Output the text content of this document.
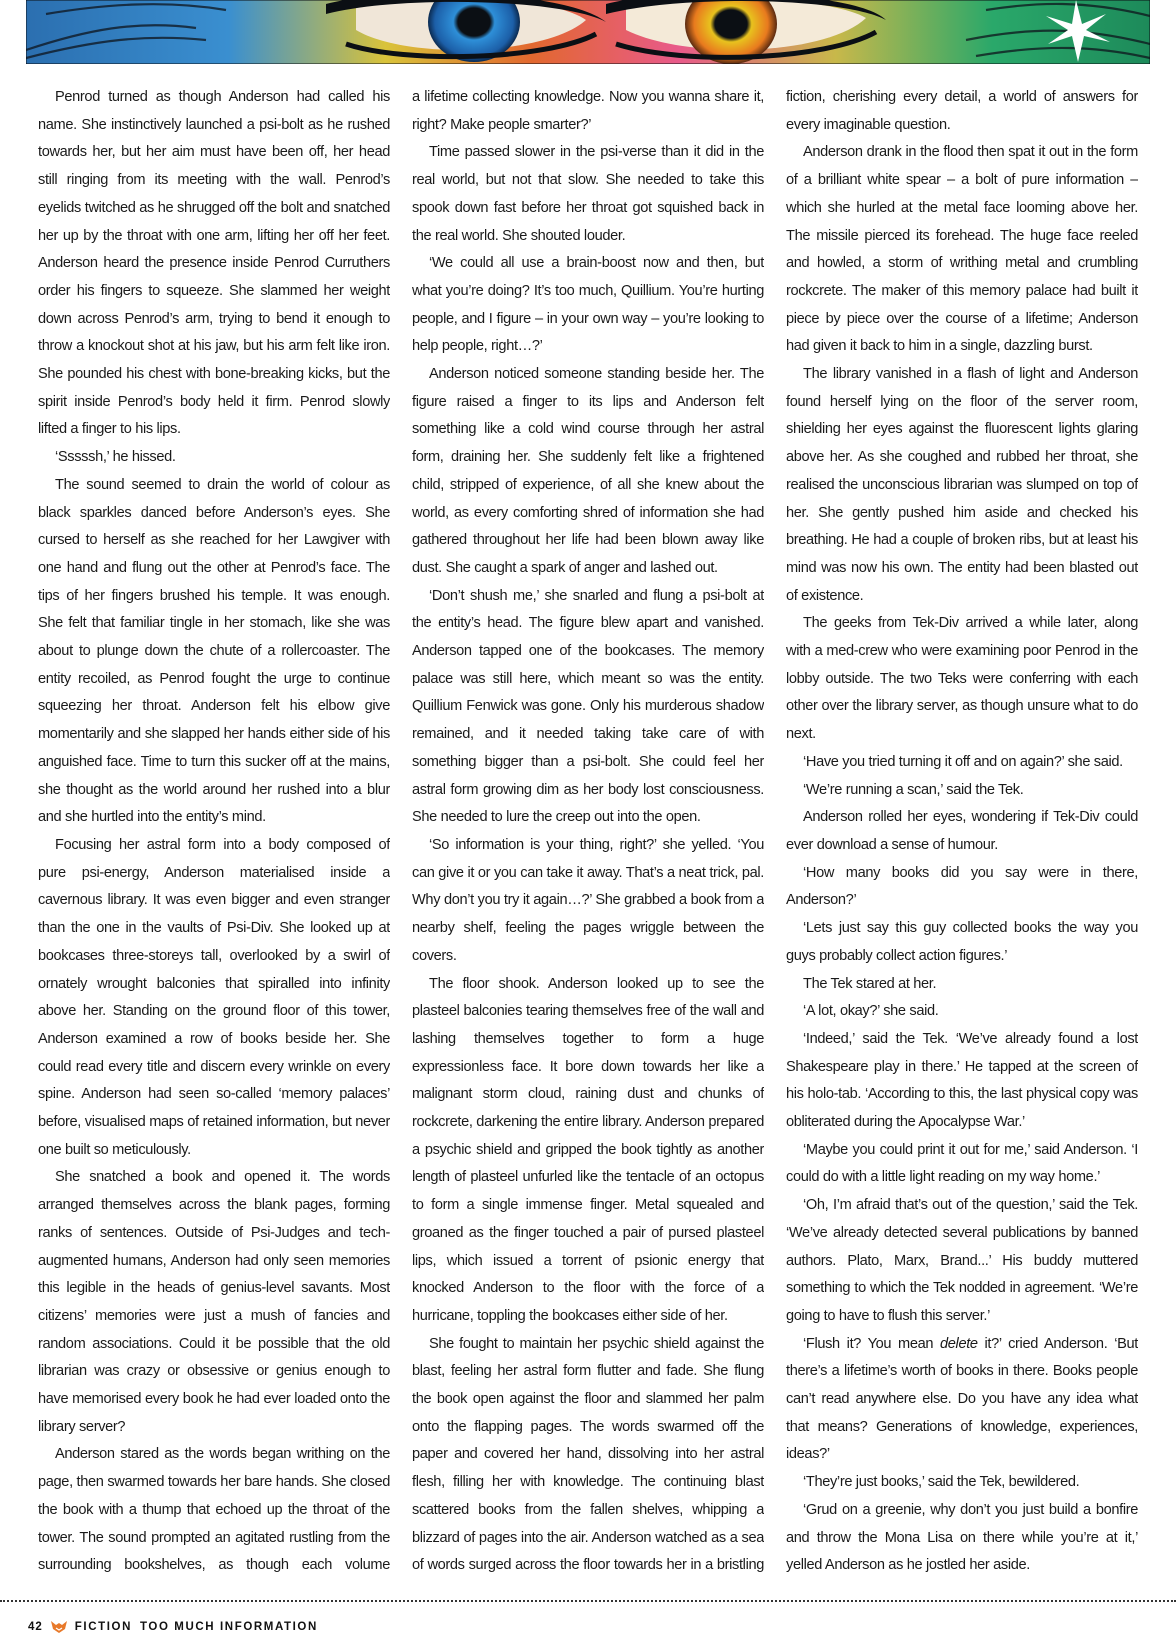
Penrod turned as though Anderson had called his name. She instinctively launched a psi-bolt as he rushed towards her, but her aim must have been off, her head still ringing from its meeting with the wall. Penrod’s eyelids twitched as he shrugged off the bolt and snatched her up by the throat with one arm, lifting her off her feet. Anderson heard the presence inside Penrod Curruthers order his fingers to squeeze. She slammed her weight down across Penrod’s arm, trying to bend it enough to throw a knockout shot at his jaw, but his arm felt like iron. She pounded his chest with bone-breaking kicks, but the spirit inside Penrod’s body held it firm. Penrod slowly lifted a finger to his lips.

‘Sssssh,’ he hissed.

The sound seemed to drain the world of colour as black sparkles danced before Anderson’s eyes. She cursed to herself as she reached for her Lawgiver with one hand and flung out the other at Penrod’s face. The tips of her fingers brushed his temple. It was enough. She felt that familiar tingle in her stomach, like she was about to plunge down the chute of a rollercoaster. The entity recoiled, as Penrod fought the urge to continue squeezing her throat. Anderson felt his elbow give momentarily and she slapped her hands either side of his anguished face. Time to turn this sucker off at the mains, she thought as the world around her rushed into a blur and she hurtled into the entity’s mind.

Focusing her astral form into a body composed of pure psi-energy, Anderson materialised inside a cavernous library. It was even bigger and even stranger than the one in the vaults of Psi-Div. She looked up at bookcases three-storeys tall, overlooked by a swirl of ornately wrought balconies that spiralled into infinity above her. Standing on the ground floor of this tower, Anderson examined a row of books beside her. She could read every title and discern every wrinkle on every spine. Anderson had seen so-called ‘memory palaces’ before, visualised maps of retained information, but never one built so meticulously.

She snatched a book and opened it. The words arranged themselves across the blank pages, forming ranks of sentences. Outside of Psi-Judges and tech-augmented humans, Anderson had only seen memories this legible in the heads of genius-level savants. Most citizens’ memories were just a mush of fancies and random associations. Could it be possible that the old librarian was crazy or obsessive or genius enough to have memorised every book he had ever loaded onto the library server?

Anderson stared as the words began writhing on the page, then swarmed towards her bare hands. She closed the book with a thump that echoed up the throat of the tower. The sound prompted an agitated rustling from the surrounding bookshelves, as though each volume

a lifetime collecting knowledge. Now you wanna share it, right? Make people smarter?’

Time passed slower in the psi-verse than it did in the real world, but not that slow. She needed to take this spook down fast before her throat got squished back in the real world. She shouted louder.

‘We could all use a brain-boost now and then, but what you’re doing? It’s too much, Quillium. You’re hurting people, and I figure – in your own way – you’re looking to help people, right…?’

Anderson noticed someone standing beside her. The figure raised a finger to its lips and Anderson felt something like a cold wind course through her astral form, draining her. She suddenly felt like a frightened child, stripped of experience, of all she knew about the world, as every comforting shred of information she had gathered throughout her life had been blown away like dust. She caught a spark of anger and lashed out.

‘Don’t shush me,’ she snarled and flung a psi-bolt at the entity’s head. The figure blew apart and vanished. Anderson tapped one of the bookcases. The memory palace was still here, which meant so was the entity. Quillium Fenwick was gone. Only his murderous shadow remained, and it needed taking take care of with something bigger than a psi-bolt. She could feel her astral form growing dim as her body lost consciousness. She needed to lure the creep out into the open.

‘So information is your thing, right?’ she yelled. ‘You can give it or you can take it away. That’s a neat trick, pal. Why don’t you try it again…?’ She grabbed a book from a nearby shelf, feeling the pages wriggle between the covers.

The floor shook. Anderson looked up to see the plasteel balconies tearing themselves free of the wall and lashing themselves together to form a huge expressionless face. It bore down towards her like a malignant storm cloud, raining dust and chunks of rockcrete, darkening the entire library. Anderson prepared a psychic shield and gripped the book tightly as another length of plasteel unfurled like the tentacle of an octopus to form a single immense finger. Metal squealed and groaned as the finger touched a pair of pursed plasteel lips, which issued a torrent of psionic energy that knocked Anderson to the floor with the force of a hurricane, toppling the bookcases either side of her.

She fought to maintain her psychic shield against the blast, feeling her astral form flutter and fade. She flung the book open against the floor and slammed her palm onto the flapping pages. The words swarmed off the paper and covered her hand, dissolving into her astral flesh, filling her with knowledge. The continuing blast scattered books from the fallen shelves, whipping a blizzard of pages into the air. Anderson watched as a sea of words surged across the floor towards her in a bristling

fiction, cherishing every detail, a world of answers for every imaginable question.

Anderson drank in the flood then spat it out in the form of a brilliant white spear – a bolt of pure information – which she hurled at the metal face looming above her. The missile pierced its forehead. The huge face reeled and howled, a storm of writhing metal and crumbling rockcrete. The maker of this memory palace had built it piece by piece over the course of a lifetime; Anderson had given it back to him in a single, dazzling burst.

The library vanished in a flash of light and Anderson found herself lying on the floor of the server room, shielding her eyes against the fluorescent lights glaring above her. As she coughed and rubbed her throat, she realised the unconscious librarian was slumped on top of her. She gently pushed him aside and checked his breathing. He had a couple of broken ribs, but at least his mind was now his own. The entity had been blasted out of existence.

The geeks from Tek-Div arrived a while later, along with a med-crew who were examining poor Penrod in the lobby outside. The two Teks were conferring with each other over the library server, as though unsure what to do next.

‘Have you tried turning it off and on again?’ she said.

‘We’re running a scan,’ said the Tek.

Anderson rolled her eyes, wondering if Tek-Div could ever download a sense of humour.

‘How many books did you say were in there, Anderson?’

‘Lets just say this guy collected books the way you guys probably collect action figures.’

The Tek stared at her.

‘A lot, okay?’ she said.

‘Indeed,’ said the Tek. ‘We’ve already found a lost Shakespeare play in there.’ He tapped at the screen of his holo-tab. ‘According to this, the last physical copy was obliterated during the Apocalypse War.’

‘Maybe you could print it out for me,’ said Anderson. ‘I could do with a little light reading on my way home.’

‘Oh, I’m afraid that’s out of the question,’ said the Tek. ‘We’ve already detected several publications by banned authors. Plato, Marx, Brand...’ His buddy muttered something to which the Tek nodded in agreement. ‘We’re going to have to flush this server.’

‘Flush it? You mean delete it?’ cried Anderson. ‘But there’s a lifetime’s worth of books in there. Books people can’t read anywhere else. Do you have any idea what that means? Generations of knowledge, experiences, ideas?’

‘They’re just books,’ said the Tek, bewildered.

‘Grud on a greenie, why don’t you just build a bonfire and throw the Mona Lisa on there while you’re at it,’ yelled Anderson as he jostled her aside.

42	FICTION TOO MUCH INFORMATION
